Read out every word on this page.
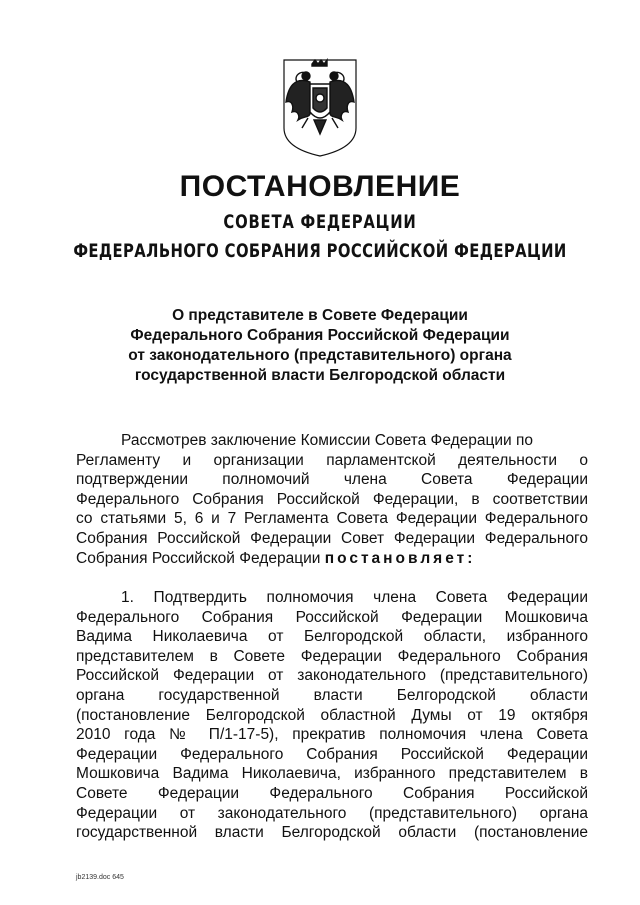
ПОСТАНОВЛЕНИЕ
СОВЕТА ФЕДЕРАЦИИ
ФЕДЕРАЛЬНОГО СОБРАНИЯ РОССИЙСКОЙ ФЕДЕРАЦИИ
О представителе в Совете Федерации
Федерального Собрания Российской Федерации
от законодательного (представительного) органа
государственной власти Белгородской области
Рассмотрев заключение Комиссии Совета Федерации по
Регламенту и организации парламентской деятельности о
подтверждении полномочий члена Совета Федерации
Федерального Собрания Российской Федерации, в соответствии
со статьями 5, 6 и 7 Регламента Совета Федерации Федерального
Собрания Российской Федерации Совет Федерации Федерального
Собрания Российской Федерации постановляет:
1. Подтвердить полномочия члена Совета Федерации
Федерального Собрания Российской Федерации Мошковича
Вадима Николаевича от Белгородской области, избранного
представителем в Совете Федерации Федерального Собрания
Российской Федерации от законодательного (представительного)
органа государственной власти Белгородской области
(постановление Белгородской областной Думы от 19 октября
2010 года № П/1-17-5), прекратив полномочия члена Совета
Федерации Федерального Собрания Российской Федерации
Мошковича Вадима Николаевича, избранного представителем в
Совете Федерации Федерального Собрания Российской
Федерации от законодательного (представительного) органа
государственной власти Белгородской области (постановление
jb2139.doc 645
